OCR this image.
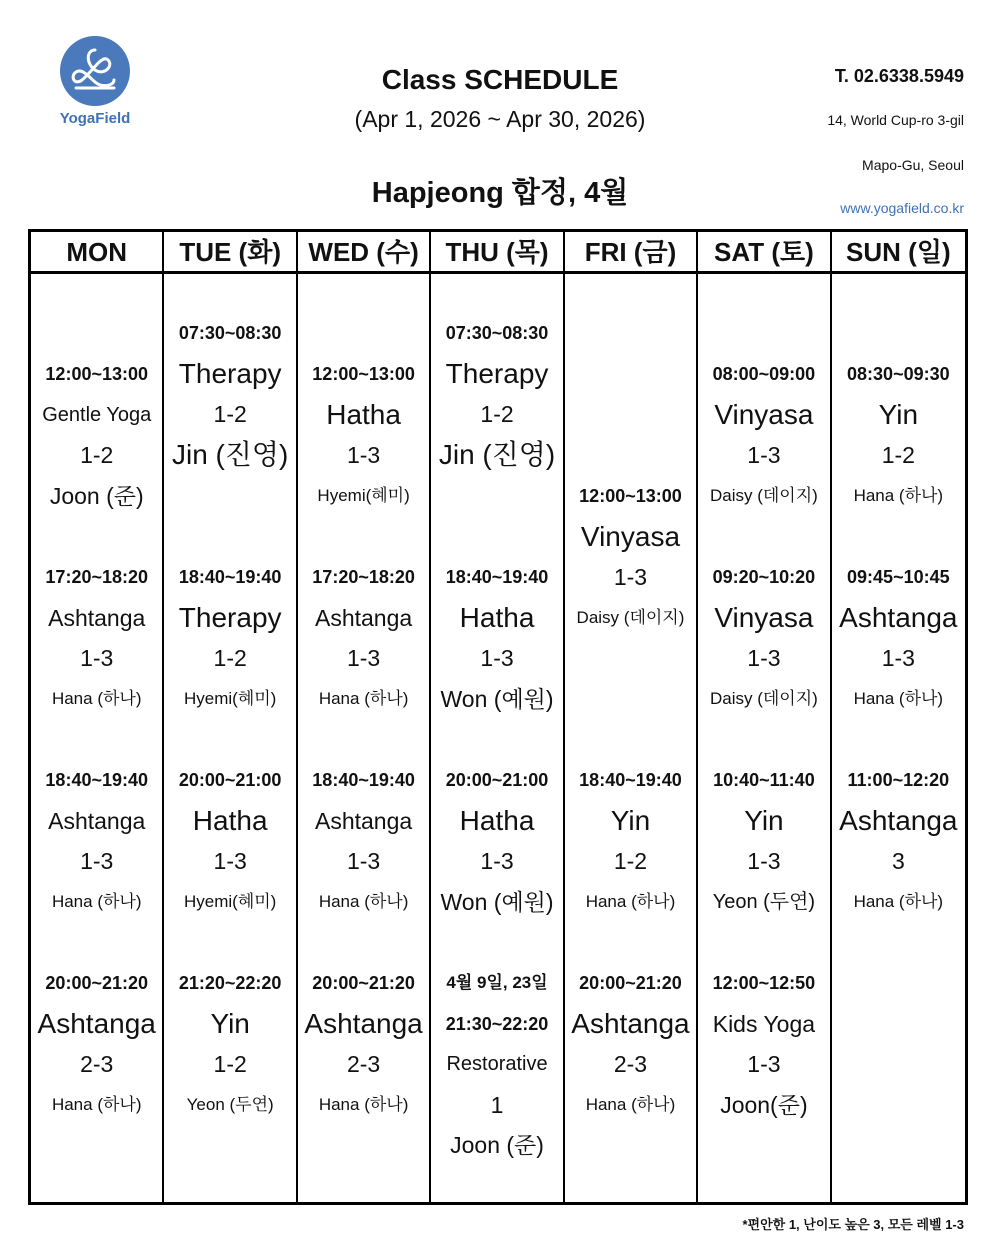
YogaField
Class SCHEDULE
(Apr 1, 2026 ~ Apr 30, 2026)
Hapjeong 합정, 4월
T. 02.6338.5949
14, World Cup-ro 3-gil
Mapo-Gu, Seoul
www.yogafield.co.kr
MON
12:00~13:00
Gentle Yoga
1-2
Joon (준)
17:20~18:20
Ashtanga
1-3
Hana (하나)
18:40~19:40
Ashtanga
1-3
Hana (하나)
20:00~21:20
Ashtanga
2-3
Hana (하나)
TUE (화)
07:30~08:30
Therapy
1-2
Jin (진영)
18:40~19:40
Therapy
1-2
Hyemi(혜미)
20:00~21:00
Hatha
1-3
Hyemi(혜미)
21:20~22:20
Yin
1-2
Yeon (두연)
WED (수)
12:00~13:00
Hatha
1-3
Hyemi(혜미)
17:20~18:20
Ashtanga
1-3
Hana (하나)
18:40~19:40
Ashtanga
1-3
Hana (하나)
20:00~21:20
Ashtanga
2-3
Hana (하나)
THU (목)
07:30~08:30
Therapy
1-2
Jin (진영)
18:40~19:40
Hatha
1-3
Won (예원)
20:00~21:00
Hatha
1-3
Won (예원)
4월 9일, 23일
21:30~22:20
Restorative
1
Joon (준)
FRI (금)
12:00~13:00
Vinyasa
1-3
Daisy (데이지)
18:40~19:40
Yin
1-2
Hana (하나)
20:00~21:20
Ashtanga
2-3
Hana (하나)
SAT (토)
08:00~09:00
Vinyasa
1-3
Daisy (데이지)
09:20~10:20
Vinyasa
1-3
Daisy (데이지)
10:40~11:40
Yin
1-3
Yeon (두연)
12:00~12:50
Kids Yoga
1-3
Joon(준)
SUN (일)
08:30~09:30
Yin
1-2
Hana (하나)
09:45~10:45
Ashtanga
1-3
Hana (하나)
11:00~12:20
Ashtanga
3
Hana (하나)
*편안한 1, 난이도 높은 3, 모든 레벨 1-3
